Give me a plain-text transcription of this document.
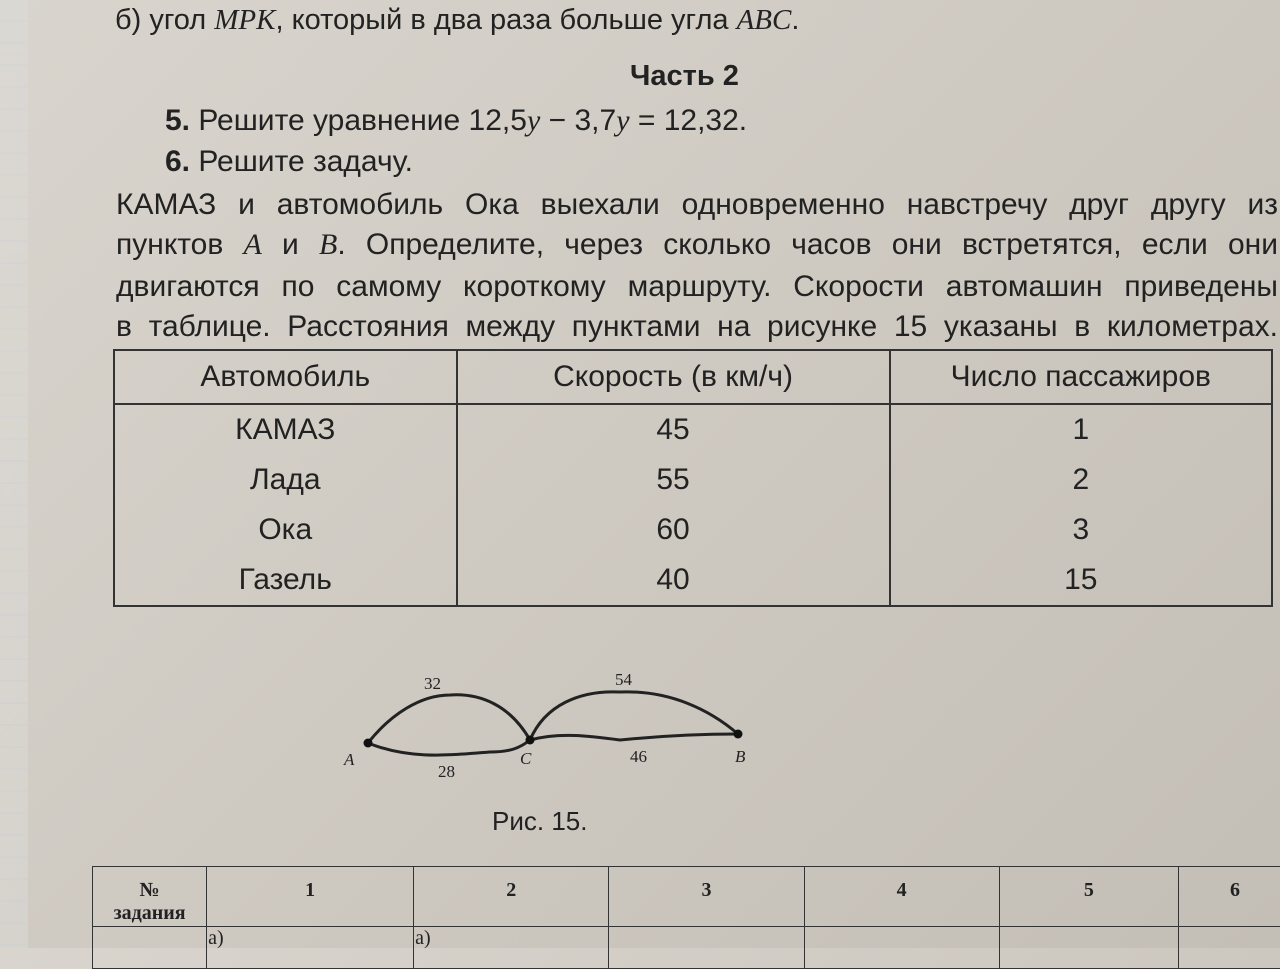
б) угол MPK, который в два раза больше угла ABC.
Часть 2
5. Решите уравнение 12,5y − 3,7y = 12,32.
6. Решите задачу.
КАМАЗ и автомобиль Ока выехали одновременно навстречу друг другу из
пунктов A и B. Определите, через сколько часов они встретятся, если они
двигаются по самому короткому маршруту. Скорости автомашин приведены
в таблице. Расстояния между пунктами на рисунке 15 указаны в километрах.
Автомобиль	Скорость (в км/ч)	Число пассажиров
КАМАЗ	45	1
Лада	55	2
Ока	60	3
Газель	40	15
A	C	B
32
28
54
46
Рис. 15.
№
задания	1	2	3	4	5	6
	а)	а)				
